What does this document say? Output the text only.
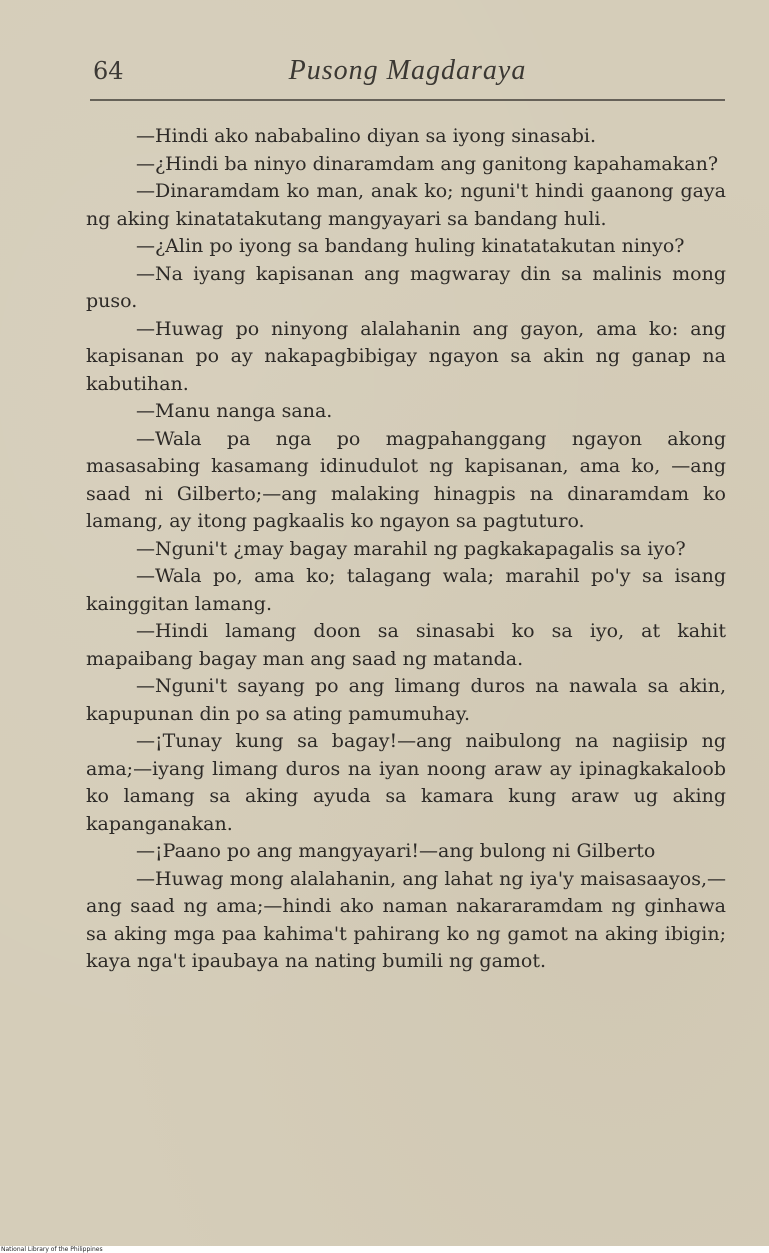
64	Pusong Magdaraya

—Hindi ako nababalino diyan sa iyong sinasabi.

—¿Hindi ba ninyo dinaramdam ang ganitong kapahamakan?

—Dinaramdam ko man, anak ko; nguni't hindi gaanong gaya ng aking kinatatakutang mangyayari sa bandang huli.

—¿Alin po iyong sa bandang huling kinatatakutan ninyo?

—Na iyang kapisanan ang magwaray din sa malinis mong puso.

—Huwag po ninyong alalahanin ang gayon, ama ko: ang kapisanan po ay nakapagbibigay ngayon sa akin ng ganap na kabutihan.

—Manu nanga sana.

—Wala pa nga po magpahanggang ngayon akong masasabing kasamang idinudulot ng kapisanan, ama ko, —ang saad ni Gilberto;—ang malaking hinagpis na dinaramdam ko lamang, ay itong pagkaalis ko ngayon sa pagtuturo.

—Nguni't ¿may bagay marahil ng pagkakapagalis sa iyo?

—Wala po, ama ko; talagang wala; marahil po'y sa isang kainggitan lamang.

—Hindi lamang doon sa sinasabi ko sa iyo, at kahit mapaibang bagay man ang saad ng matanda.

—Nguni't sayang po ang limang duros na nawala sa akin, kapupunan din po sa ating pamumuhay.

—¡Tunay kung sa bagay!—ang naibulong na nagiisip ng ama;—iyang limang duros na iyan noong araw ay ipinagkakaloob ko lamang sa aking ayuda sa kamara kung araw ug aking kapanganakan.

—¡Paano po ang mangyayari!—ang bulong ni Gilberto

—Huwag mong alalahanin, ang lahat ng iya'y maisasaayos,—ang saad ng ama;—hindi ako naman nakararamdam ng ginhawa sa aking mga paa kahima't pahirang ko ng gamot na aking ibigin; kaya nga't ipaubaya na nating bumili ng gamot.

National Library of the Philippines
